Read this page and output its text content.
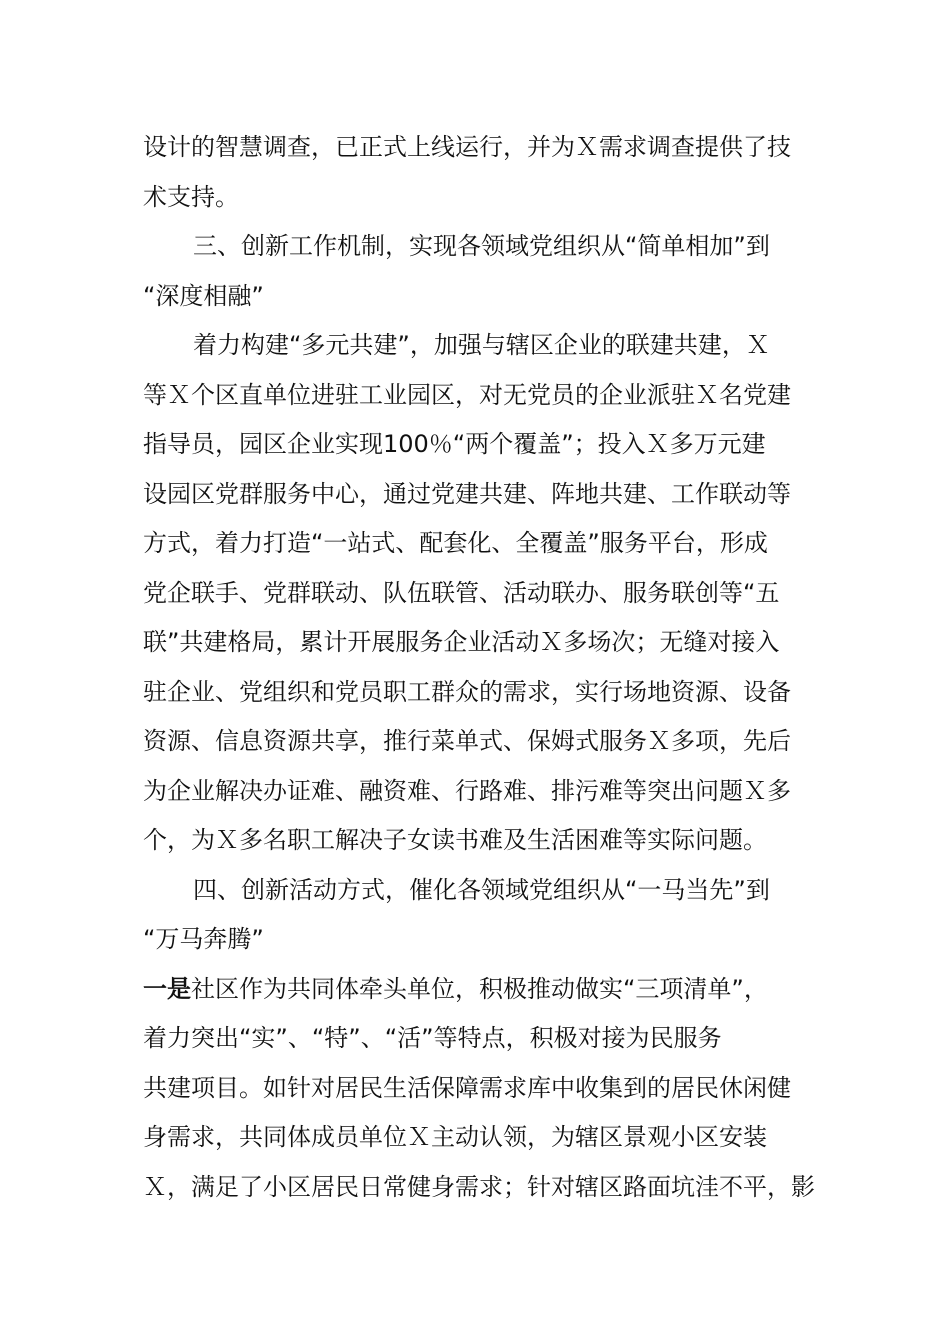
设计的智慧调查，已正式上线运行，并为Ｘ需求调查提供了技
术支持。
三、创新工作机制，实现各领域党组织从“简单相加”到
“深度相融”
着力构建“多元共建”，加强与辖区企业的联建共建，Ｘ
等Ｘ个区直单位进驻工业园区，对无党员的企业派驻Ｘ名党建
指导员，园区企业实现100％“两个覆盖”；投入Ｘ多万元建
设园区党群服务中心，通过党建共建、阵地共建、工作联动等
方式，着力打造“一站式、配套化、全覆盖”服务平台，形成
党企联手、党群联动、队伍联管、活动联办、服务联创等“五
联”共建格局，累计开展服务企业活动Ｘ多场次；无缝对接入
驻企业、党组织和党员职工群众的需求，实行场地资源、设备
资源、信息资源共享，推行菜单式、保姆式服务Ｘ多项，先后
为企业解决办证难、融资难、行路难、排污难等突出问题Ｘ多
个，为Ｘ多名职工解决子女读书难及生活困难等实际问题。
四、创新活动方式，催化各领域党组织从“一马当先”到
“万马奔腾”
一是社区作为共同体牵头单位，积极推动做实“三项清单”，
着力突出“实”、“特”、“活”等特点，积极对接为民服务
共建项目。如针对居民生活保障需求库中收集到的居民休闲健
身需求，共同体成员单位Ｘ主动认领，为辖区景观小区安装
Ｘ，满足了小区居民日常健身需求；针对辖区路面坑洼不平，影
